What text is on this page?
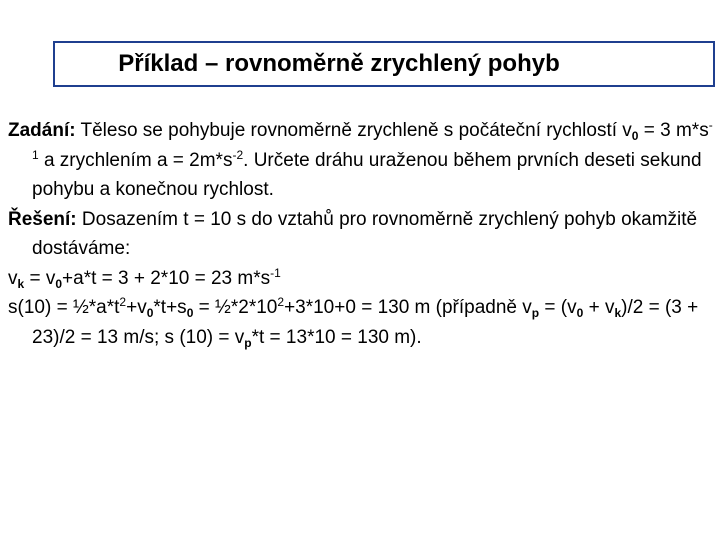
Příklad – rovnoměrně zrychlený pohyb

Zadání: Těleso se pohybuje rovnoměrně zrychleně s počáteční rychlostí $v_0 = 3$ $m*s^{-1}$ a zrychlením $a = 2m*s^{-2}$. Určete dráhu uraženou během prvních deseti sekund pohybu a konečnou rychlost.

Řešení: Dosazením t = 10 s do vztahů pro rovnoměrně zrychlený pohyb okamžitě dostáváme:

$v_k = v_0+a*t = 3 + 2*10 = 23$ $m*s^{-1}$

$s(10) = \frac{1}{2}*a*t^2+v_0*t+s_0$ = $\frac{1}{2}*2*10^2+3*10+0 = 130$ m (případně $v_p = (v_0 + v_k)/2 = (3 + 23)/2 = 13$ m/s; s $(10) = v_p*t = 13*10 = 130$ m).
